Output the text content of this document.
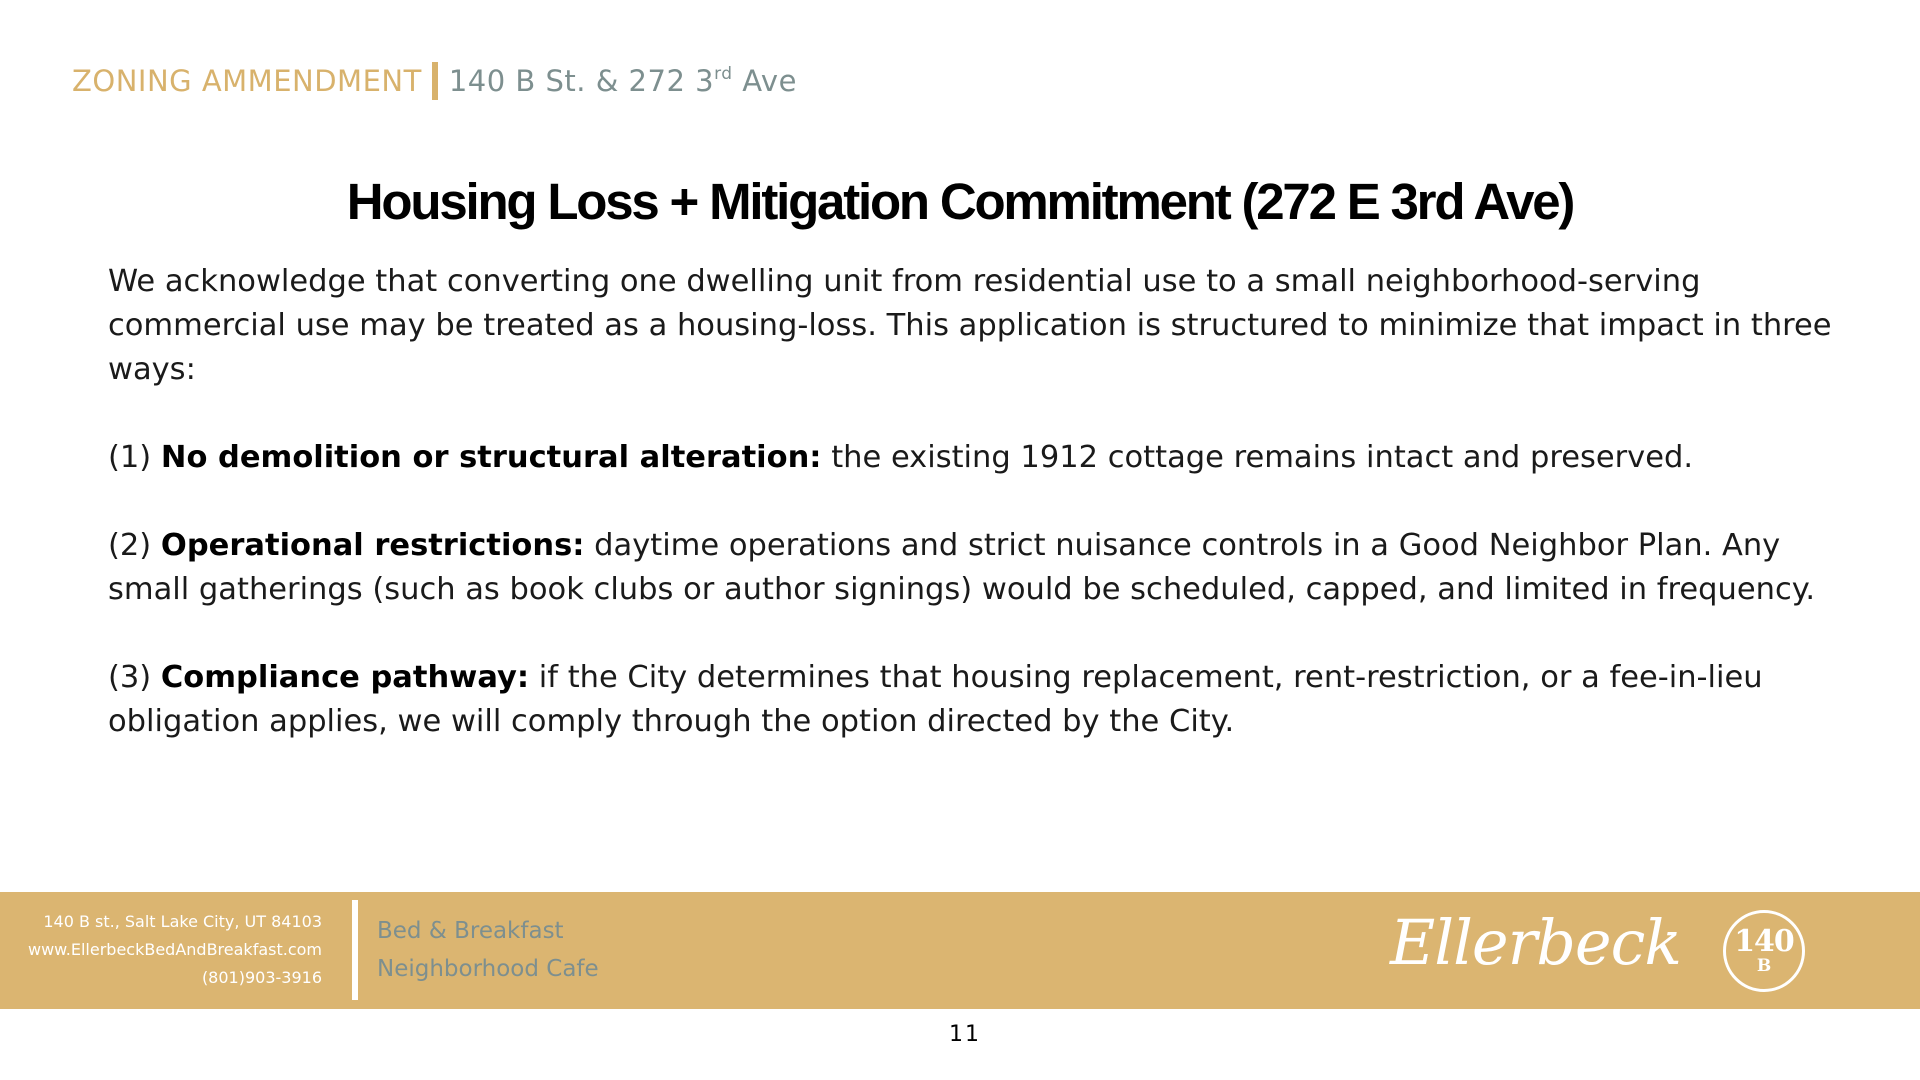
ZONING AMMENDMENT 140 B St. & 272 3rd Ave
Housing Loss + Mitigation Commitment (272 E 3rd Ave)

We acknowledge that converting one dwelling unit from residential use to a small neighborhood-serving commercial use may be treated as a housing-loss. This application is structured to minimize that impact in three ways:

(1) No demolition or structural alteration: the existing 1912 cottage remains intact and preserved.

(2) Operational restrictions: daytime operations and strict nuisance controls in a Good Neighbor Plan. Any small gatherings (such as book clubs or author signings) would be scheduled, capped, and limited in frequency.

(3) Compliance pathway: if the City determines that housing replacement, rent-restriction, or a fee-in-lieu obligation applies, we will comply through the option directed by the City.

140 B st., Salt Lake City, UT 84103
www.EllerbeckBedAndBreakfast.com
(801)903-3916
Bed & Breakfast
Neighborhood Cafe	Ellerbeck 140
B
11
